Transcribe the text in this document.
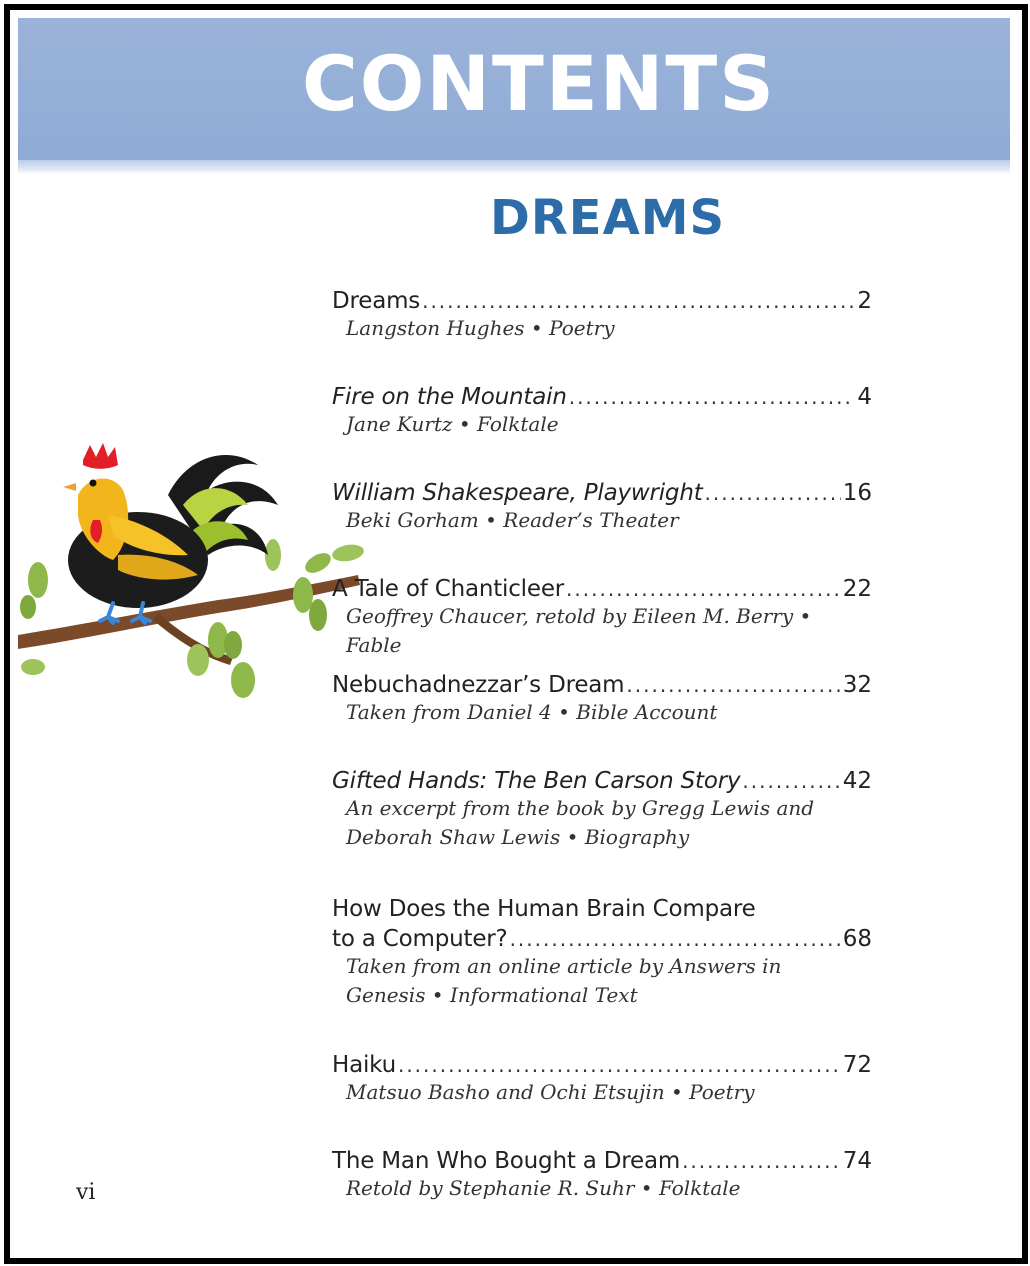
CONTENTS
DREAMS
Dreams .....	2
Langston Hughes • Poetry
Fire on the Mountain .....	4
Jane Kurtz • Folktale
William Shakespeare, Playwright .....	16
Beki Gorham • Reader’s Theater
A Tale of Chanticleer .....	22
Geoffrey Chaucer, retold by Eileen M. Berry • Fable
Nebuchadnezzar’s Dream .....	32
Taken from Daniel 4 • Bible Account
Gifted Hands: The Ben Carson Story .....	42
An excerpt from the book by Gregg Lewis and
Deborah Shaw Lewis • Biography
How Does the Human Brain Compare
to a Computer? .....	68
Taken from an online article by Answers in
Genesis • Informational Text
Haiku .....	72
Matsuo Basho and Ochi Etsujin • Poetry
The Man Who Bought a Dream .....	74
Retold by Stephanie R. Suhr • Folktale
vi
